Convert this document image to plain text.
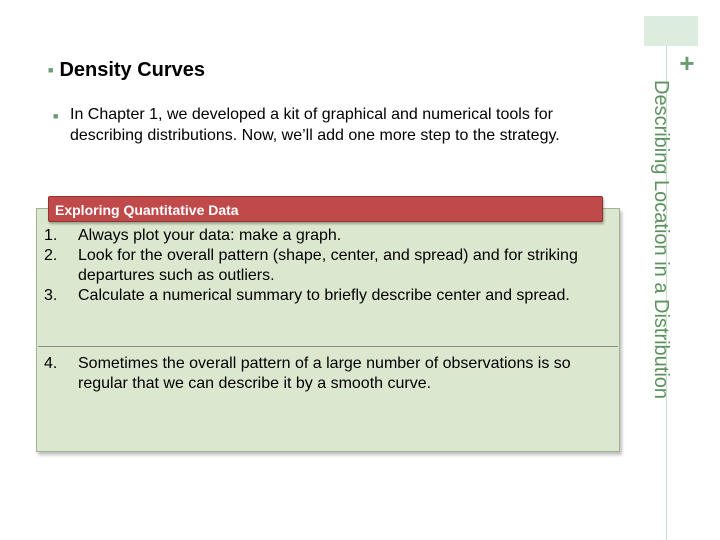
+
Describing Location in a Distribution
■ Density Curves
■ In Chapter 1, we developed a kit of graphical and numerical tools for describing distributions. Now, we’ll add one more step to the strategy.
Exploring Quantitative Data
1. Always plot your data: make a graph.
2. Look for the overall pattern (shape, center, and spread) and for striking departures such as outliers.
3. Calculate a numerical summary to briefly describe center and spread.
4. Sometimes the overall pattern of a large number of observations is so regular that we can describe it by a smooth curve.
